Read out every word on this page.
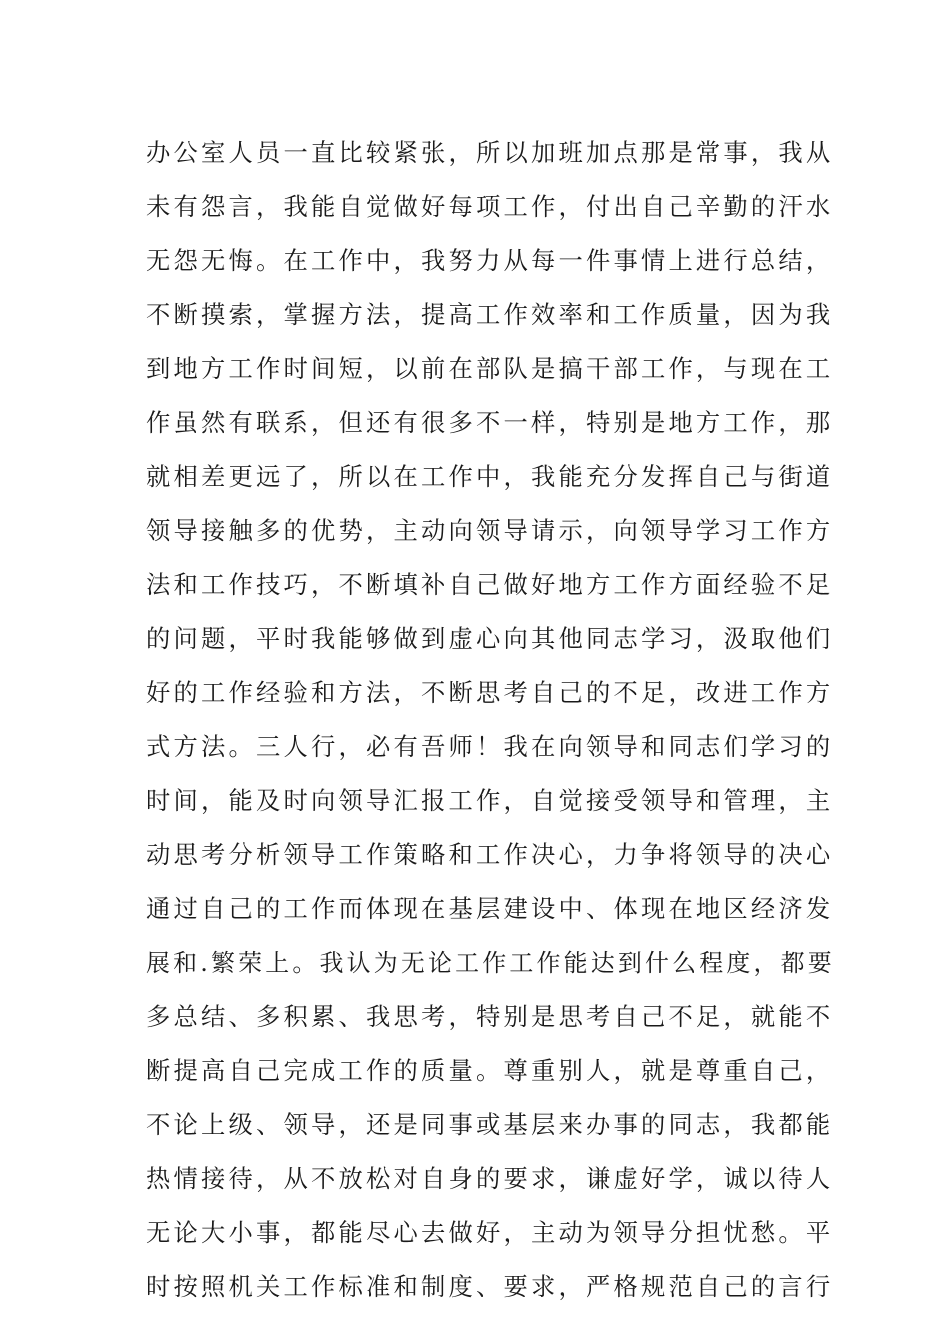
办公室人员一直比较紧张，所以加班加点那是常事，我从
未有怨言，我能自觉做好每项工作，付出自己辛勤的汗水
无怨无悔。在工作中，我努力从每一件事情上进行总结，
不断摸索，掌握方法，提高工作效率和工作质量，因为我
到地方工作时间短，以前在部队是搞干部工作，与现在工
作虽然有联系，但还有很多不一样，特别是地方工作，那
就相差更远了，所以在工作中，我能充分发挥自己与街道
领导接触多的优势，主动向领导请示，向领导学习工作方
法和工作技巧，不断填补自己做好地方工作方面经验不足
的问题，平时我能够做到虚心向其他同志学习，汲取他们
好的工作经验和方法，不断思考自己的不足，改进工作方
式方法。三人行，必有吾师！我在向领导和同志们学习的
时间，能及时向领导汇报工作，自觉接受领导和管理，主
动思考分析领导工作策略和工作决心，力争将领导的决心
通过自己的工作而体现在基层建设中、体现在地区经济发
展和.繁荣上。我认为无论工作工作能达到什么程度，都要
多总结、多积累、我思考，特别是思考自己不足，就能不
断提高自己完成工作的质量。尊重别人，就是尊重自己，
不论上级、领导，还是同事或基层来办事的同志，我都能
热情接待，从不放松对自身的要求，谦虚好学，诚以待人
无论大小事，都能尽心去做好，主动为领导分担忧愁。平
时按照机关工作标准和制度、要求，严格规范自己的言行
